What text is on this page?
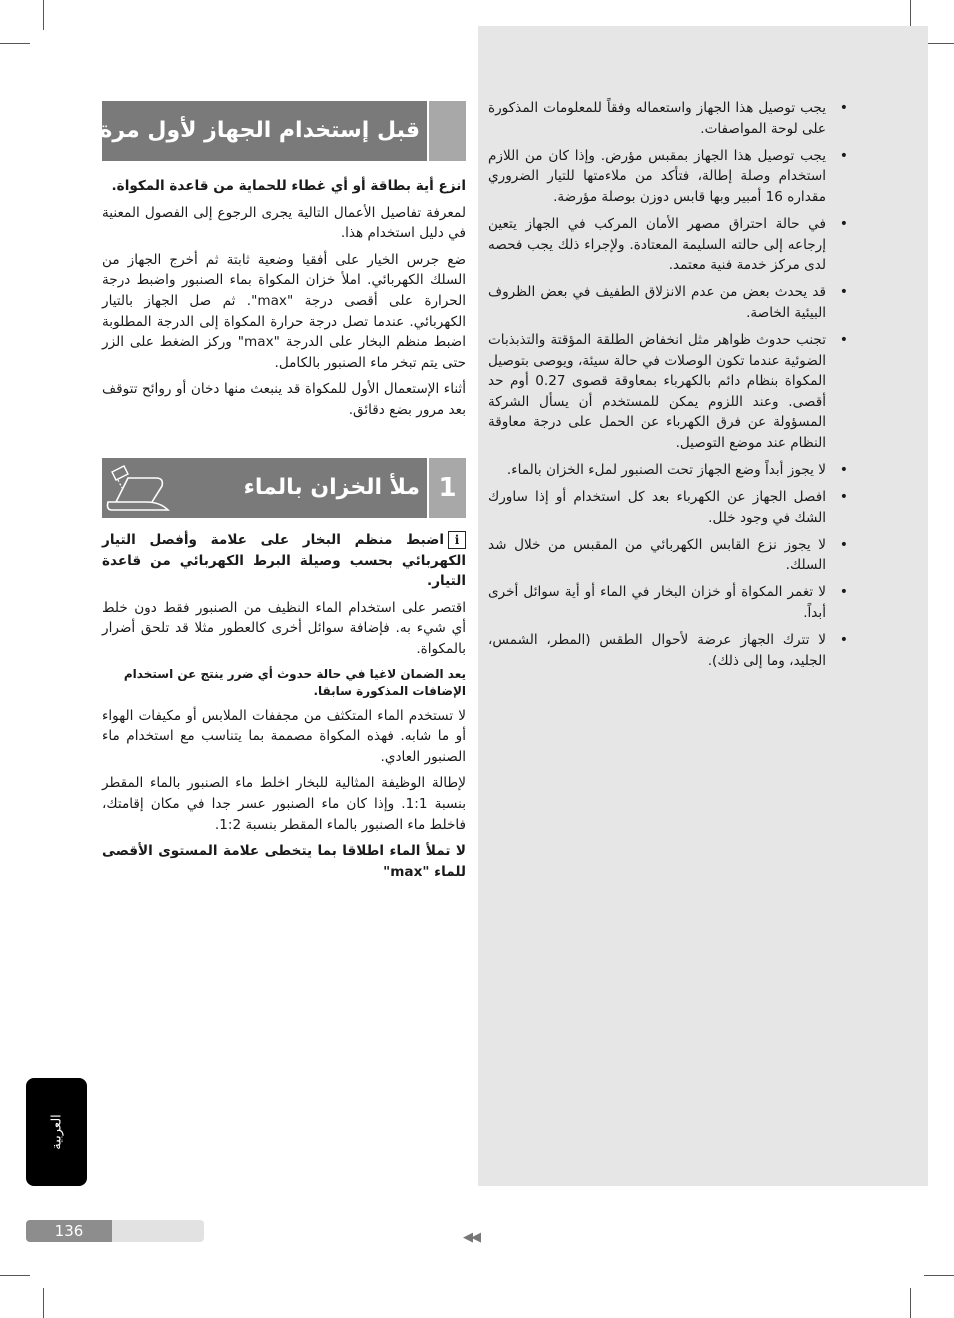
•
يجب توصيل هذا الجهاز واستعماله وفقاً للمعلومات المذكورة على لوحة المواصفات.
•
يجب توصيل هذا الجهاز بمقبس مؤرض. وإذا كان من اللازم استخدام وصلة إطالة، فتأكد من ملاءمتها للتيار الضروري مقداره 16 أمبير وبها قابس دوزن بوصلة مؤرضة.
•
في حالة احتراق مصهر الأمان المركب في الجهاز يتعين إرجاعه إلى حالته السليمة المعتادة. ولإجراء ذلك يجب فحصه لدى مركز خدمة فنية معتمد.
•
قد يحدث بعض من عدم الانزلاق الطفيف في بعض الظروف البيئية الخاصة.
•
تجنب حدوث ظواهر مثل انخفاض الطلقة المؤقتة والتذبذبات الضوئية عندما تكون الوصلات في حالة سيئة، ويوصى بتوصيل المكواة بنظام دائم بالكهرباء بمعاوقة قصوى 0.27 أوم حد أقصى. وعند اللزوم يمكن للمستخدم أن يسأل الشركة المسؤولة عن فرق الكهرباء عن الحمل على درجة معاوقة النظام عند موضع التوصيل.
•
لا يجوز أبداً وضع الجهاز تحت الصنبور لملء الخزان بالماء.
•
افصل الجهاز عن الكهرباء بعد كل استخدام أو إذا ساورك الشك في وجود خلل.
•
لا يجوز نزع القابس الكهربائي من المقبس من خلال شد السلك.
•
لا تغمر المكواة أو خزان البخار في الماء أو أية سوائل أخرى أبداً.
•
لا تترك الجهاز عرضة لأحوال الطقس (المطر، الشمس، الجليد، وما إلى ذلك).
قبل إستخدام الجهاز لأول مرة

انزع أية بطاقة أو أي غطاء للحماية من قاعدة المكواة.

لمعرفة تفاصيل الأعمال التالية يجرى الرجوع إلى الفصول المعنية في دليل استخدام هذا.

ضع جرس الخيار على أفقيا وضعية ثابتة ثم أخرج الجهاز من السلك الكهربائي. املأ خزان المكواة بماء الصنبور واضبط درجة الحرارة على أقصى درجة "max". ثم صل الجهاز بالتيار الكهربائي. عندما تصل درجة حرارة المكواة إلى الدرجة المطلوبة اضبط منظم البخار على الدرجة "max" وركز الضغط على الزر حتى يتم تبخر ماء الصنبور بالكامل.

أثناء الإستعمال الأول للمكواة قد ينبعث منها دخان أو روائح تتوقف بعد مرور بضع دقائق.

ملأ الخزان بالماء 1

iاضبط منظم البخار على علامة وأفصل التيار الكهربائي بحسب وصيلة البرط الكهربائي من قاعدة التيار.

اقتصر على استخدام الماء النظيف من الصنبور فقط دون خلط أي شيء به. فإضافة سوائل أخرى كالعطور مثلا قد تلحق أضرار بالمكواة.

يعد الضمان لاغيا في حالة حدوث أي ضرر ينتج عن استخدام الإضافات المذكورة سابقا.

لا تستخدم الماء المتكثف من مجففات الملابس أو مكيفات الهواء أو ما شابه. فهذه المكواة مصممة بما يتناسب مع استخدام ماء الصنبور العادي.

لإطالة الوظيفة المثالية للبخار اخلط ماء الصنبور بالماء المقطر بنسبة 1:1. وإذا كان ماء الصنبور عسر جدا في مكان إقامتك، فاخلط ماء الصنبور بالماء المقطر بنسبة 1:2.

لا تملأ الماء اطلاقا بما يتخطى علامة المستوى الأقصى للماء "max"

العربية
136	◀◀
